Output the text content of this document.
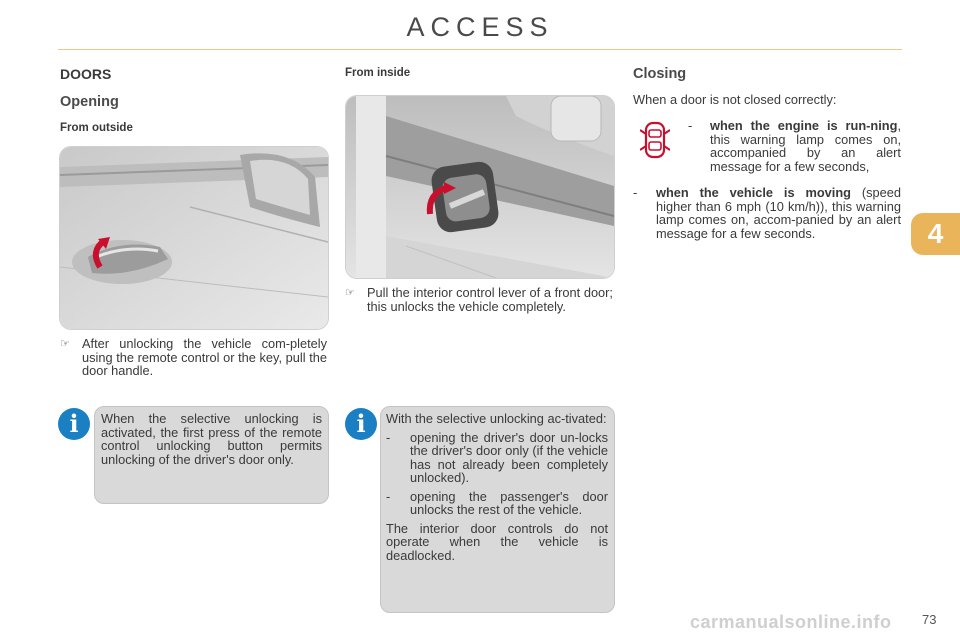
ACCESS
DOORS
Opening
From outside
☞ After unlocking the vehicle com-pletely using the remote control or the key, pull the door handle.
i	When the selective unlocking is activated, the first press of the remote control unlocking button permits unlocking of the driver's door only.
From inside
☞ Pull the interior control lever of a front door; this unlocks the vehicle completely.
i	With the selective unlocking ac-tivated:

-	opening the driver's door un-locks the driver's door only (if the vehicle has not already been completely unlocked).
-	opening the passenger's door unlocks the rest of the vehicle.

The interior door controls do not operate when the vehicle is deadlocked.

Closing
When a door is not closed correctly:
-	when the engine is run-ning, this warning lamp comes on, accompanied by an alert message for a few seconds,
-	when the vehicle is moving (speed higher than 6 mph (10 km/h)), this warning lamp comes on, accom-panied by an alert message for a few seconds.	4
carmanualsonline.info 73
